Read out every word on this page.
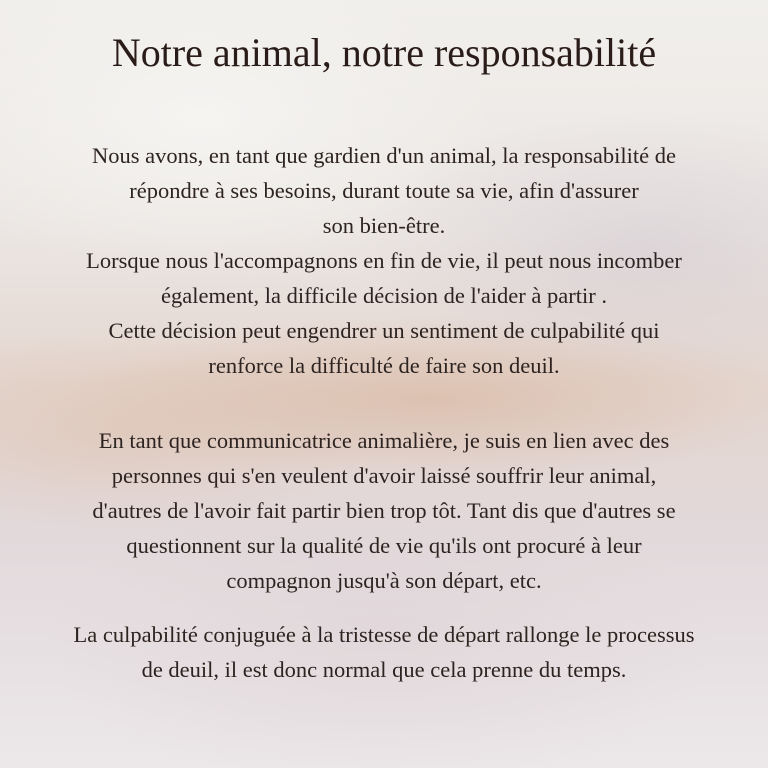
Notre animal, notre responsabilité
Nous avons, en tant que gardien d'un animal, la responsabilité de
répondre à ses besoins, durant toute sa vie, afin d'assurer
son bien-être.
Lorsque nous l'accompagnons en fin de vie, il peut nous incomber
également, la difficile décision de l'aider à partir .
Cette décision peut engendrer un sentiment de culpabilité qui
renforce la difficulté de faire son deuil.
En tant que communicatrice animalière, je suis en lien avec des
personnes qui s'en veulent d'avoir laissé souffrir leur animal,
d'autres de l'avoir fait partir bien trop tôt. Tant dis que d'autres se
questionnent sur la qualité de vie qu'ils ont procuré à leur
compagnon jusqu'à son départ, etc.
La culpabilité conjuguée à la tristesse de départ rallonge le processus
de deuil, il est donc normal que cela prenne du temps.
